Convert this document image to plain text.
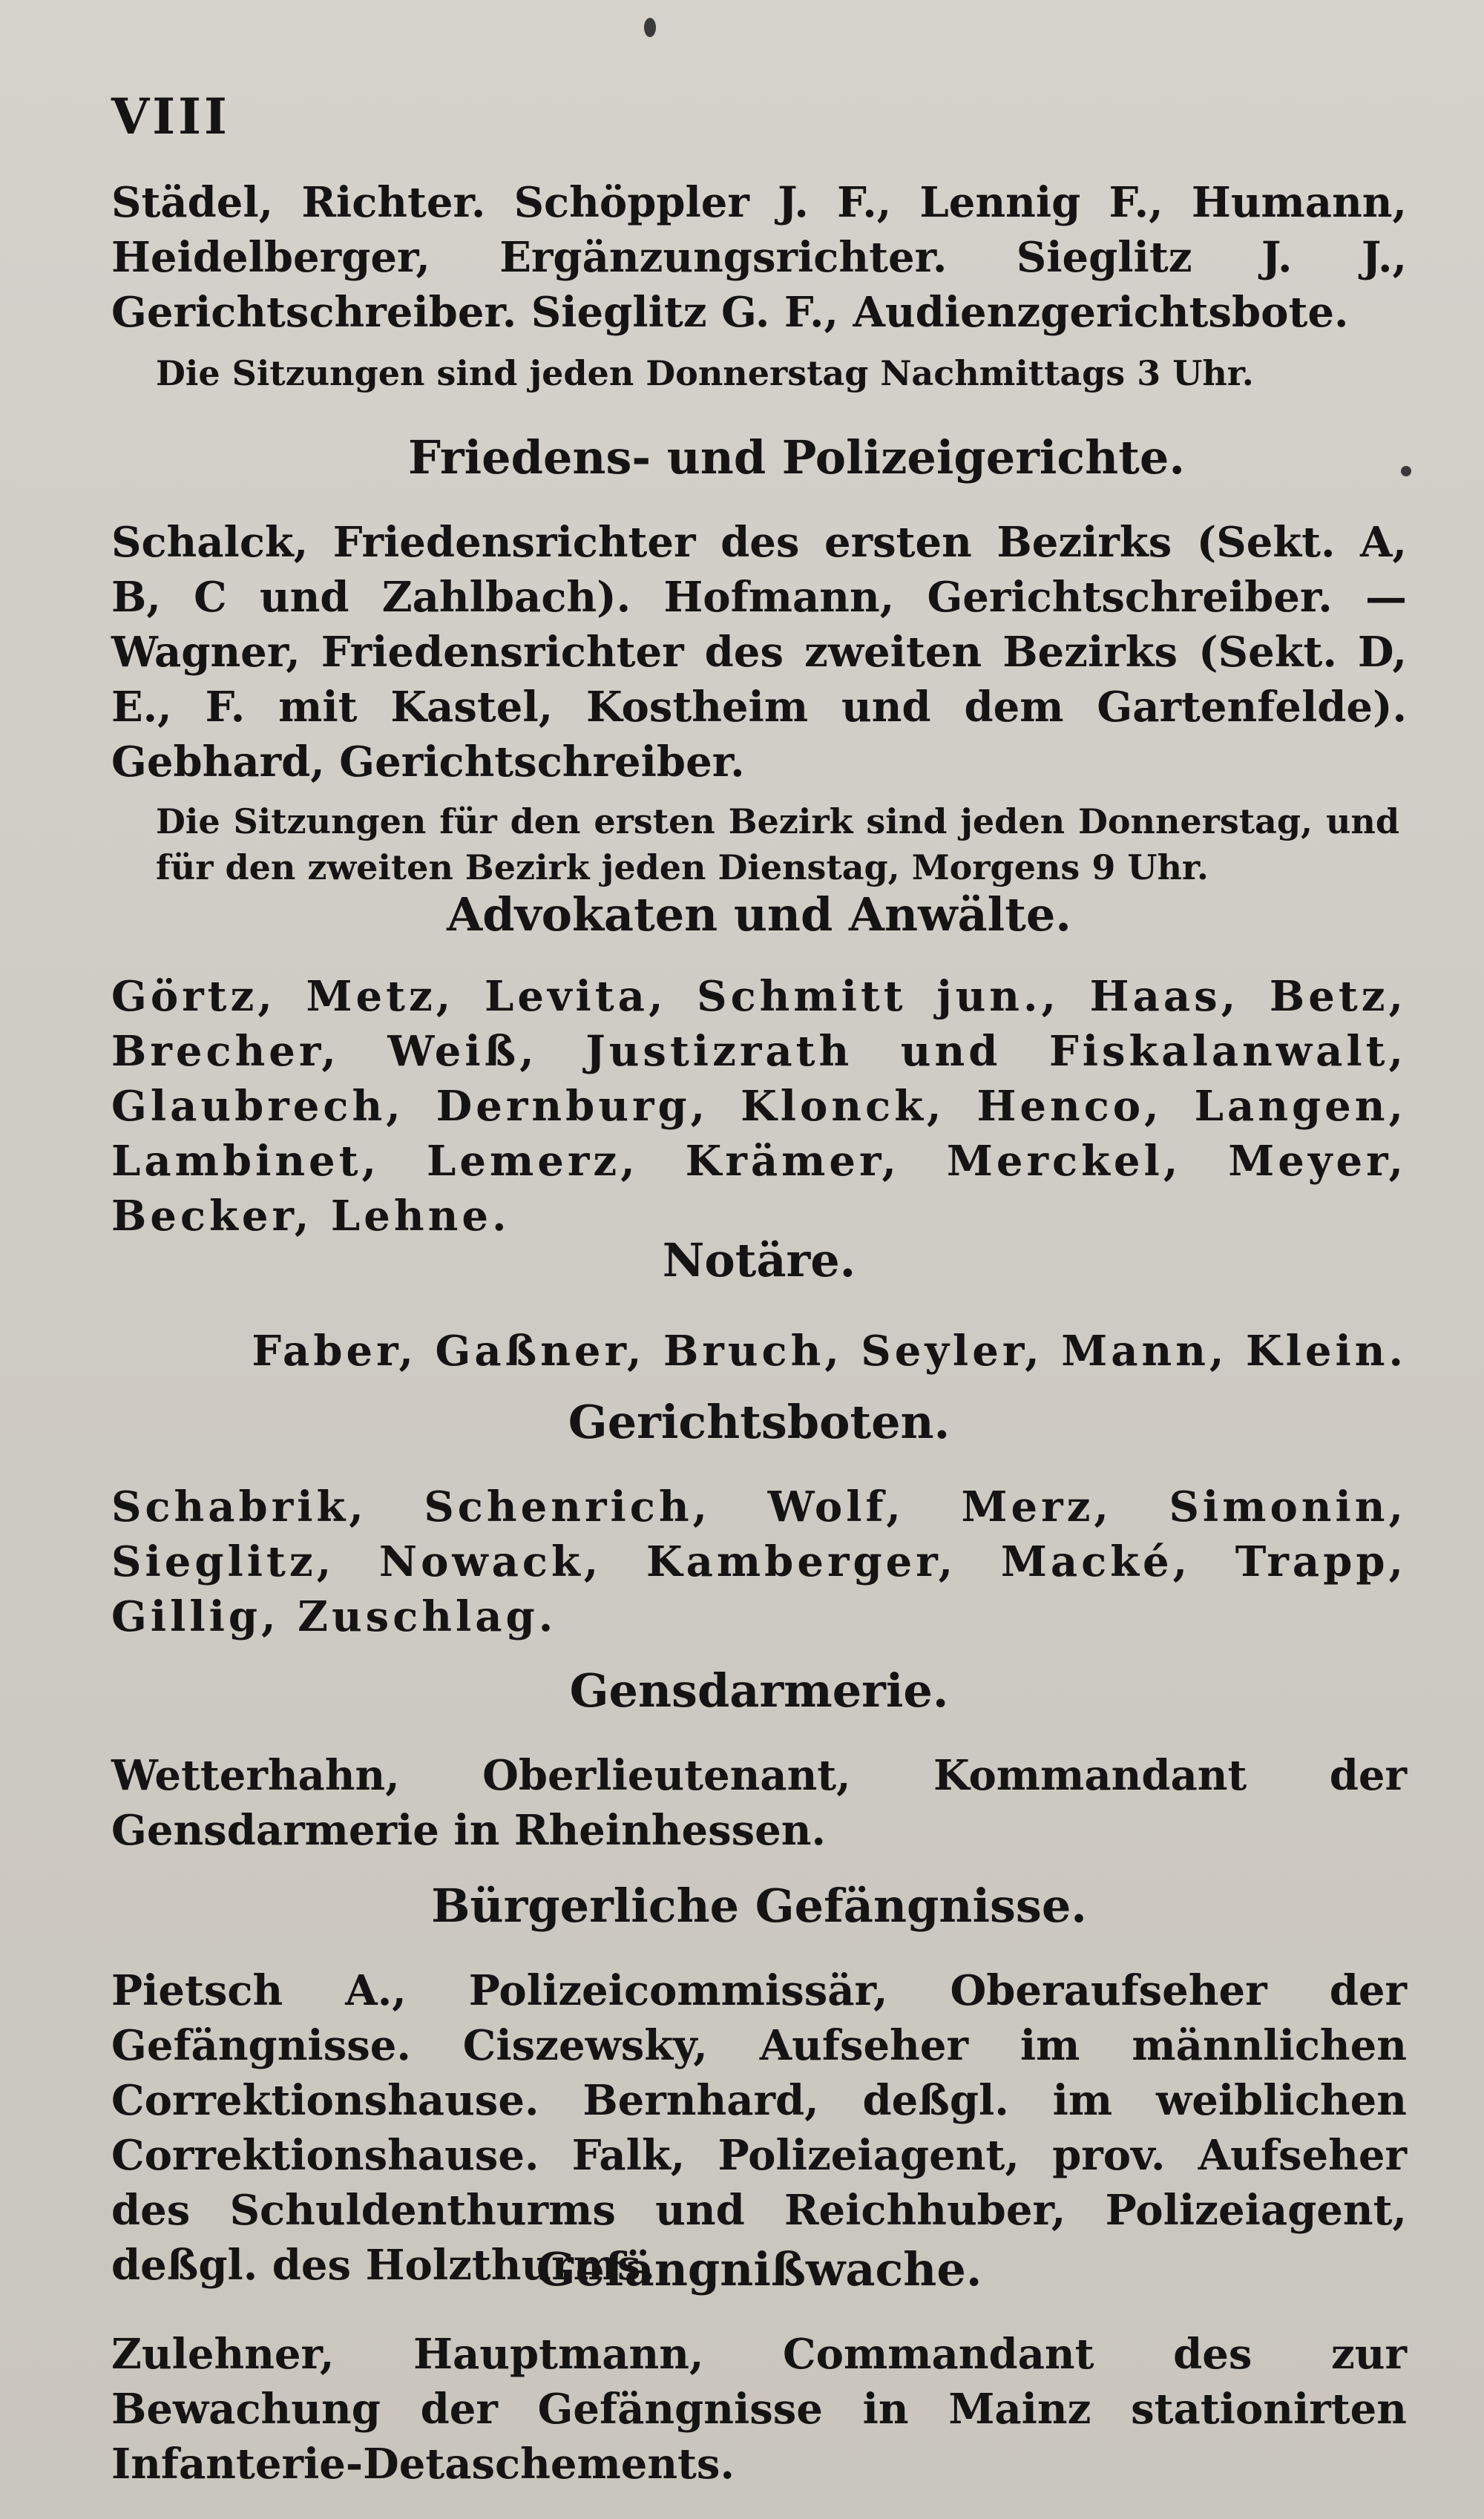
VIII
Städel, Richter. Schöppler J. F., Lennig F., Humann, Heidelberger, Ergänzungsrichter. Sieglitz J. J., Gerichtschreiber. Sieglitz G. F., Audienzgerichtsbote.
Die Sitzungen sind jeden Donnerstag Nachmittags 3 Uhr.
Friedens- und Polizeigerichte.
Schalck, Friedensrichter des ersten Bezirks (Sekt. A, B, C und Zahlbach). Hofmann, Gerichtschreiber. — Wagner, Friedensrichter des zweiten Bezirks (Sekt. D, E., F. mit Kastel, Kostheim und dem Gartenfelde). Gebhard, Gerichtschreiber.
Die Sitzungen für den ersten Bezirk sind jeden Donnerstag, und für den zweiten Bezirk jeden Dienstag, Morgens 9 Uhr.
Advokaten und Anwälte.
Görtz, Metz, Levita, Schmitt jun., Haas, Betz, Brecher, Weiß, Justizrath und Fiskalanwalt, Glaubrech, Dernburg, Klonck, Henco, Langen, Lambinet, Lemerz, Krämer, Merckel, Meyer, Becker, Lehne.
Notäre.
Faber, Gaßner, Bruch, Seyler, Mann, Klein.
Gerichtsboten.
Schabrik, Schenrich, Wolf, Merz, Simonin, Sieglitz, Nowack, Kamberger, Macké, Trapp, Gillig, Zuschlag.
Gensdarmerie.
Wetterhahn, Oberlieutenant, Kommandant der Gensdarmerie in Rheinhessen.
Bürgerliche Gefängnisse.
Pietsch A., Polizeicommissär, Oberaufseher der Gefängnisse. Ciszewsky, Aufseher im männlichen Correktionshause. Bernhard, deßgl. im weiblichen Correktionshause. Falk, Polizeiagent, prov. Aufseher des Schuldenthurms und Reichhuber, Polizeiagent, deßgl. des Holzthurms.
Gefängnißwache.
Zulehner, Hauptmann, Commandant des zur Bewachung der Gefängnisse in Mainz stationirten Infanterie-Detaschements.
